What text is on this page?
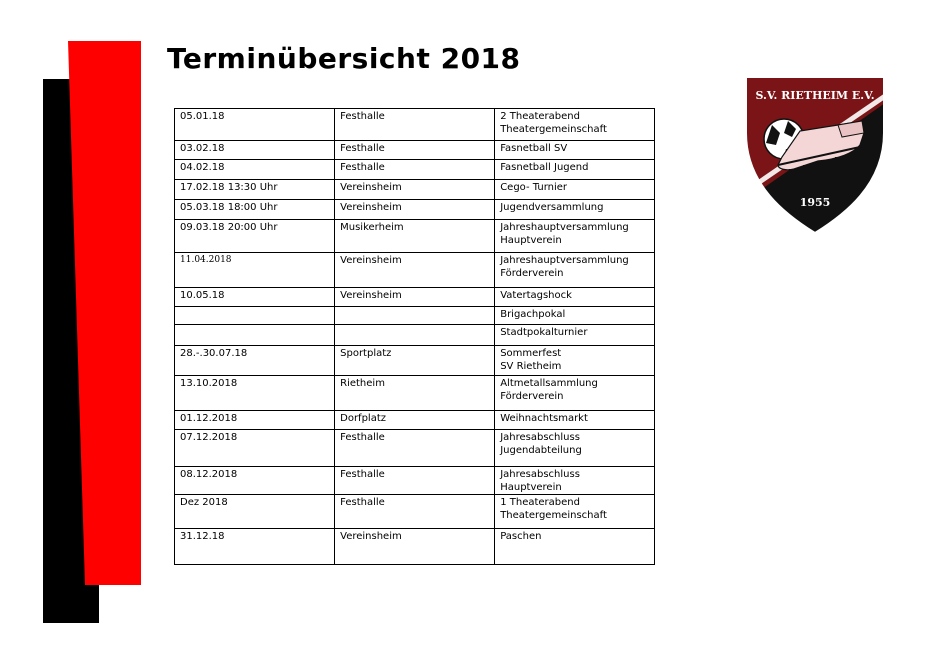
Terminübersicht 2018
S.V. RIETHEIM E.V.
1955
05.01.18	Festhalle	2 Theaterabend
Theatergemeinschaft
03.02.18	Festhalle	Fasnetball SV
04.02.18	Festhalle	Fasnetball Jugend
17.02.18 13:30 Uhr	Vereinsheim	Cego- Turnier
05.03.18 18:00 Uhr	Vereinsheim	Jugendversammlung
09.03.18 20:00 Uhr	Musikerheim	Jahreshauptversammlung
Hauptverein
11.04.2018	Vereinsheim	Jahreshauptversammlung
Förderverein
10.05.18	Vereinsheim	Vatertagshock
		Brigachpokal
		Stadtpokalturnier
28.-.30.07.18	Sportplatz	Sommerfest
SV Rietheim
13.10.2018	Rietheim	Altmetallsammlung
Förderverein
01.12.2018	Dorfplatz	Weihnachtsmarkt
07.12.2018	Festhalle	Jahresabschluss
Jugendabteilung
08.12.2018	Festhalle	Jahresabschluss
Hauptverein
Dez 2018	Festhalle	1 Theaterabend
Theatergemeinschaft
31.12.18	Vereinsheim	Paschen
